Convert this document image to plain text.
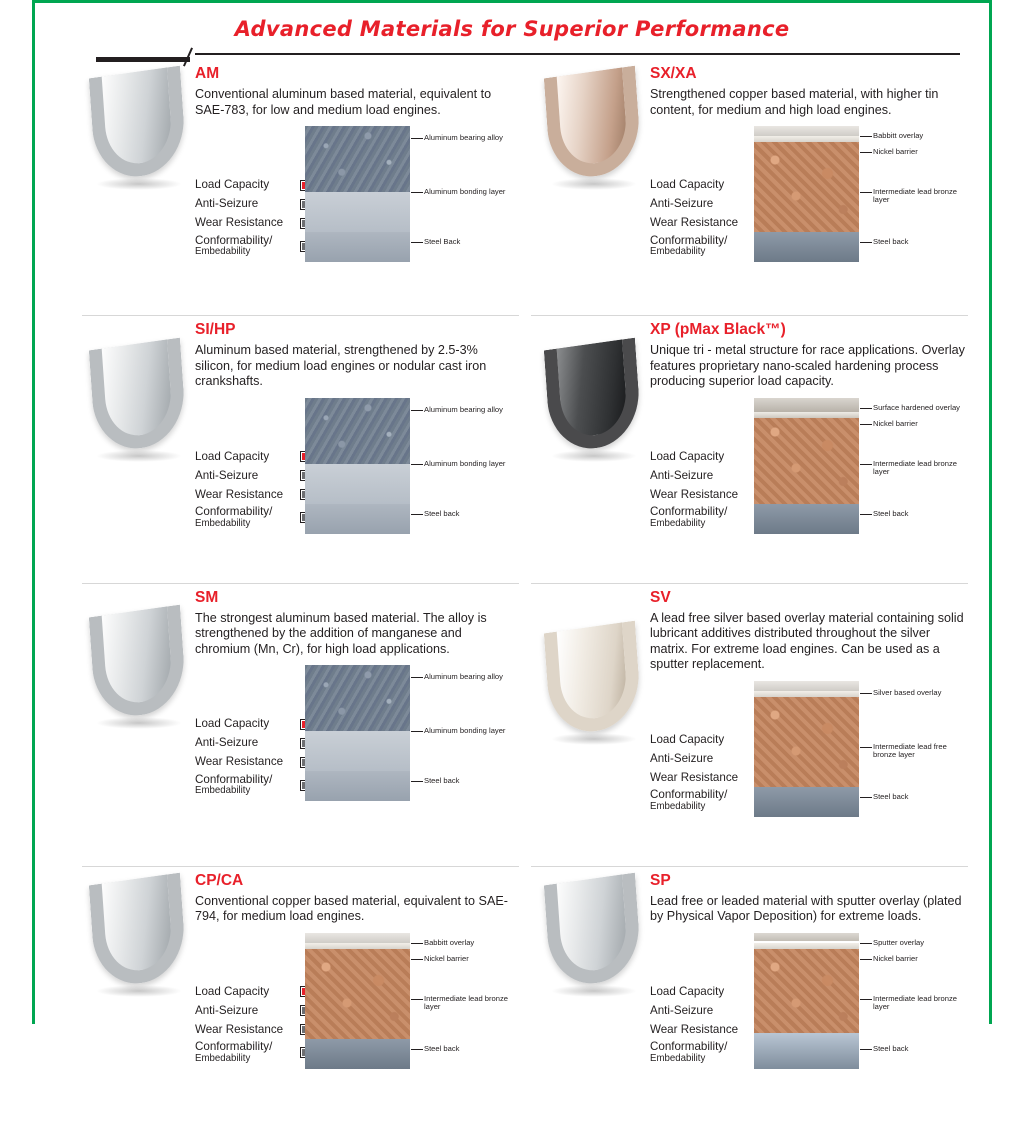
Advanced Materials for Superior Performance
AM
Conventional aluminum based material, equivalent to SAE-783, for low and medium load engines.
Load Capacity
Anti-Seizure
Wear Resistance
Conformability/
Embedability
Aluminum bearing alloy
Aluminum bonding layer
Steel Back
SX/XA
Strengthened copper based material, with higher tin content, for medium and high load engines.
Load Capacity
Anti-Seizure
Wear Resistance
Conformability/
Embedability
Babbitt overlay
Nickel barrier
Intermediate lead bronze layer
Steel back
SI/HP
Aluminum based material, strengthened by 2.5-3% silicon, for medium load engines or nodular cast iron crankshafts.
Load Capacity
Anti-Seizure
Wear Resistance
Conformability/
Embedability
Aluminum bearing alloy
Aluminum bonding layer
Steel back
XP (pMax Black™)
Unique tri - metal structure for race applications. Overlay features proprietary nano-scaled hardening process producing superior load capacity.
Load Capacity
Anti-Seizure
Wear Resistance
Conformability/
Embedability
Surface hardened overlay
Nickel barrier
Intermediate lead bronze layer
Steel back
SM
The strongest aluminum based material. The alloy is strengthened by the addition of manganese and chromium (Mn, Cr), for high load applications.
Load Capacity
Anti-Seizure
Wear Resistance
Conformability/
Embedability
Aluminum bearing alloy
Aluminum bonding layer
Steel back
SV
A lead free silver based overlay material containing solid lubricant additives distributed throughout the silver matrix. For extreme load engines. Can be used as a sputter replacement.
Load Capacity
Anti-Seizure
Wear Resistance
Conformability/
Embedability
Silver based overlay
Intermediate lead free bronze layer
Steel back
CP/CA
Conventional copper based material, equivalent to SAE-794, for medium load engines.
Load Capacity
Anti-Seizure
Wear Resistance
Conformability/
Embedability
Babbitt overlay
Nickel barrier
Intermediate lead bronze layer
Steel back
SP
Lead free or leaded material with sputter overlay (plated by Physical Vapor Deposition) for extreme loads.
Load Capacity
Anti-Seizure
Wear Resistance
Conformability/
Embedability
Sputter overlay
Nickel barrier
Intermediate lead bronze layer
Steel back
